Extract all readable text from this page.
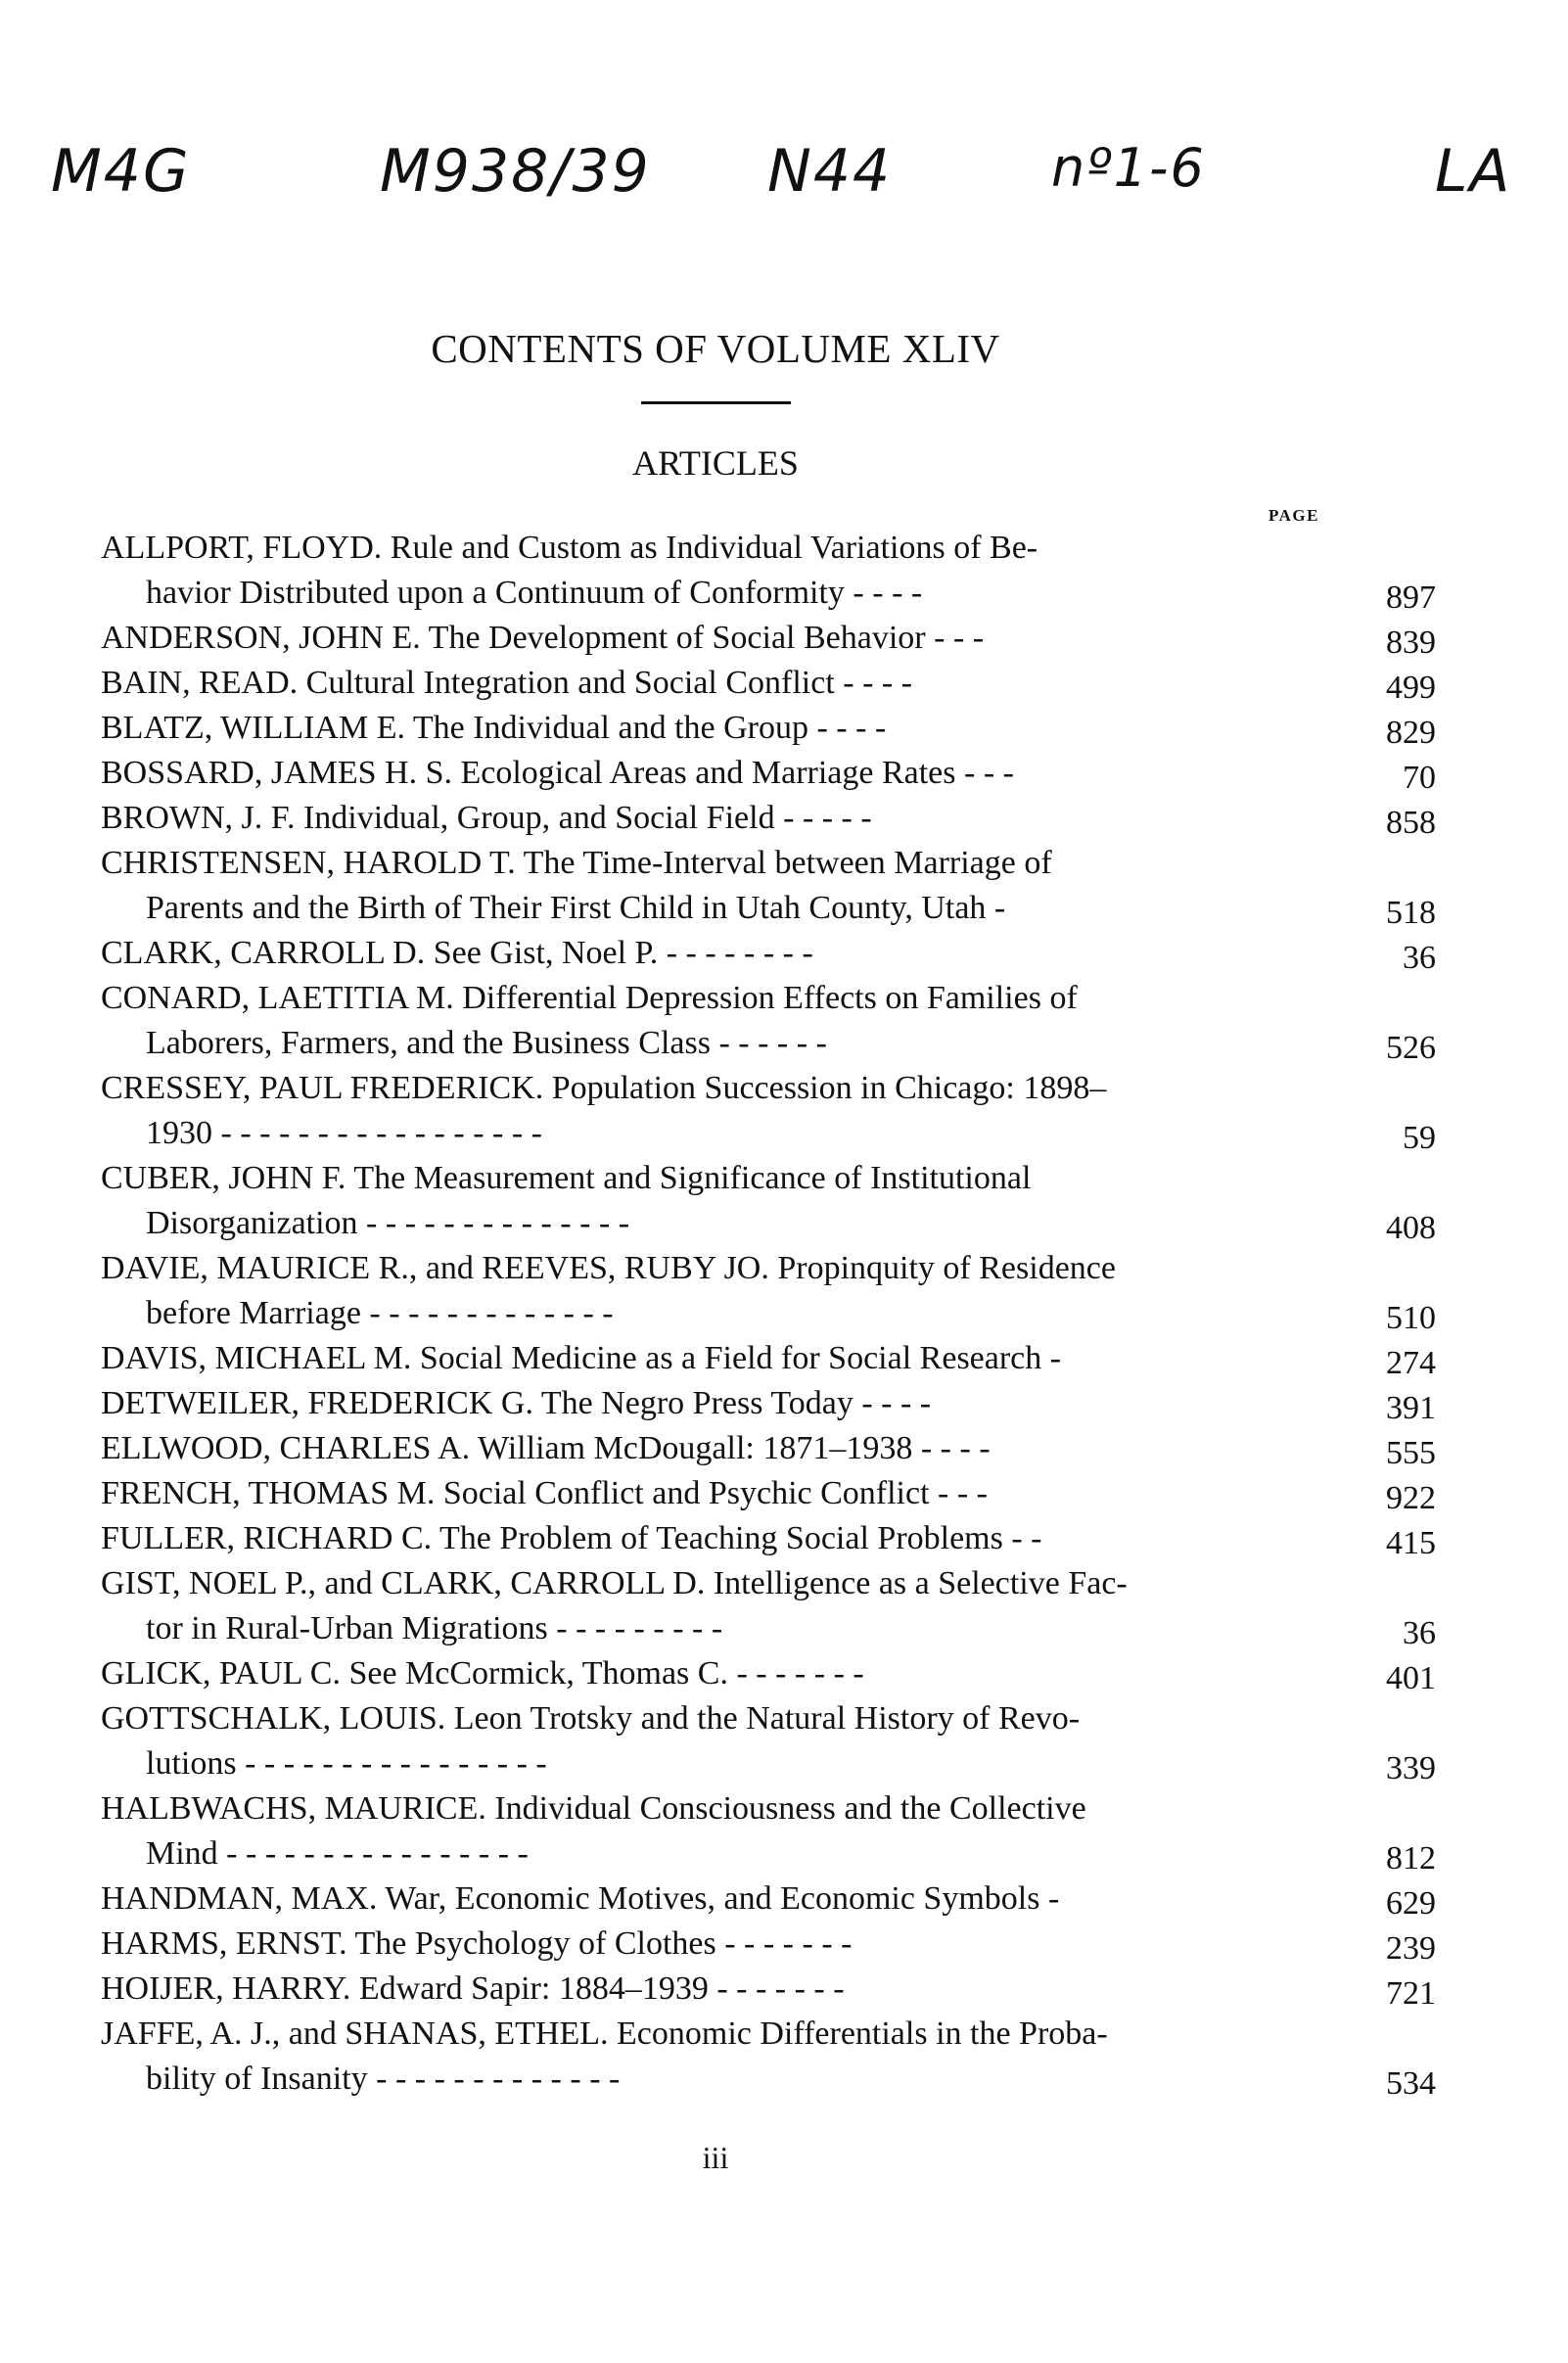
M4G	M938/39 N44	nº1-6	LA
CONTENTS OF VOLUME XLIV
ARTICLES
PAGE
ALLPORT, FLOYD. Rule and Custom as Individual Variations of Be-
havior Distributed upon a Continuum of Conformity - - - -	897
ANDERSON, JOHN E. The Development of Social Behavior - - -	839
BAIN, READ. Cultural Integration and Social Conflict - - - -	499
BLATZ, WILLIAM E. The Individual and the Group - - - -	829
BOSSARD, JAMES H. S. Ecological Areas and Marriage Rates - - -	70
BROWN, J. F. Individual, Group, and Social Field - - - - -	858
CHRISTENSEN, HAROLD T. The Time-Interval between Marriage of
Parents and the Birth of Their First Child in Utah County, Utah -	518
CLARK, CARROLL D. See Gist, Noel P. - - - - - - - -	36
CONARD, LAETITIA M. Differential Depression Effects on Families of
Laborers, Farmers, and the Business Class - - - - - -	526
CRESSEY, PAUL FREDERICK. Population Succession in Chicago: 1898–
1930 - - - - - - - - - - - - - - - - -	59
CUBER, JOHN F. The Measurement and Significance of Institutional
Disorganization - - - - - - - - - - - - - -	408
DAVIE, MAURICE R., and REEVES, RUBY JO. Propinquity of Residence
before Marriage - - - - - - - - - - - - -	510
DAVIS, MICHAEL M. Social Medicine as a Field for Social Research -	274
DETWEILER, FREDERICK G. The Negro Press Today - - - -	391
ELLWOOD, CHARLES A. William McDougall: 1871–1938 - - - -	555
FRENCH, THOMAS M. Social Conflict and Psychic Conflict - - -	922
FULLER, RICHARD C. The Problem of Teaching Social Problems - -	415
GIST, NOEL P., and CLARK, CARROLL D. Intelligence as a Selective Fac-
tor in Rural-Urban Migrations - - - - - - - - -	36
GLICK, PAUL C. See McCormick, Thomas C. - - - - - - -	401
GOTTSCHALK, LOUIS. Leon Trotsky and the Natural History of Revo-
lutions - - - - - - - - - - - - - - - -	339
HALBWACHS, MAURICE. Individual Consciousness and the Collective
Mind - - - - - - - - - - - - - - - -	812
HANDMAN, MAX. War, Economic Motives, and Economic Symbols -	629
HARMS, ERNST. The Psychology of Clothes - - - - - - -	239
HOIJER, HARRY. Edward Sapir: 1884–1939 - - - - - - -	721
JAFFE, A. J., and SHANAS, ETHEL. Economic Differentials in the Proba-
bility of Insanity - - - - - - - - - - - - -	534
iii
